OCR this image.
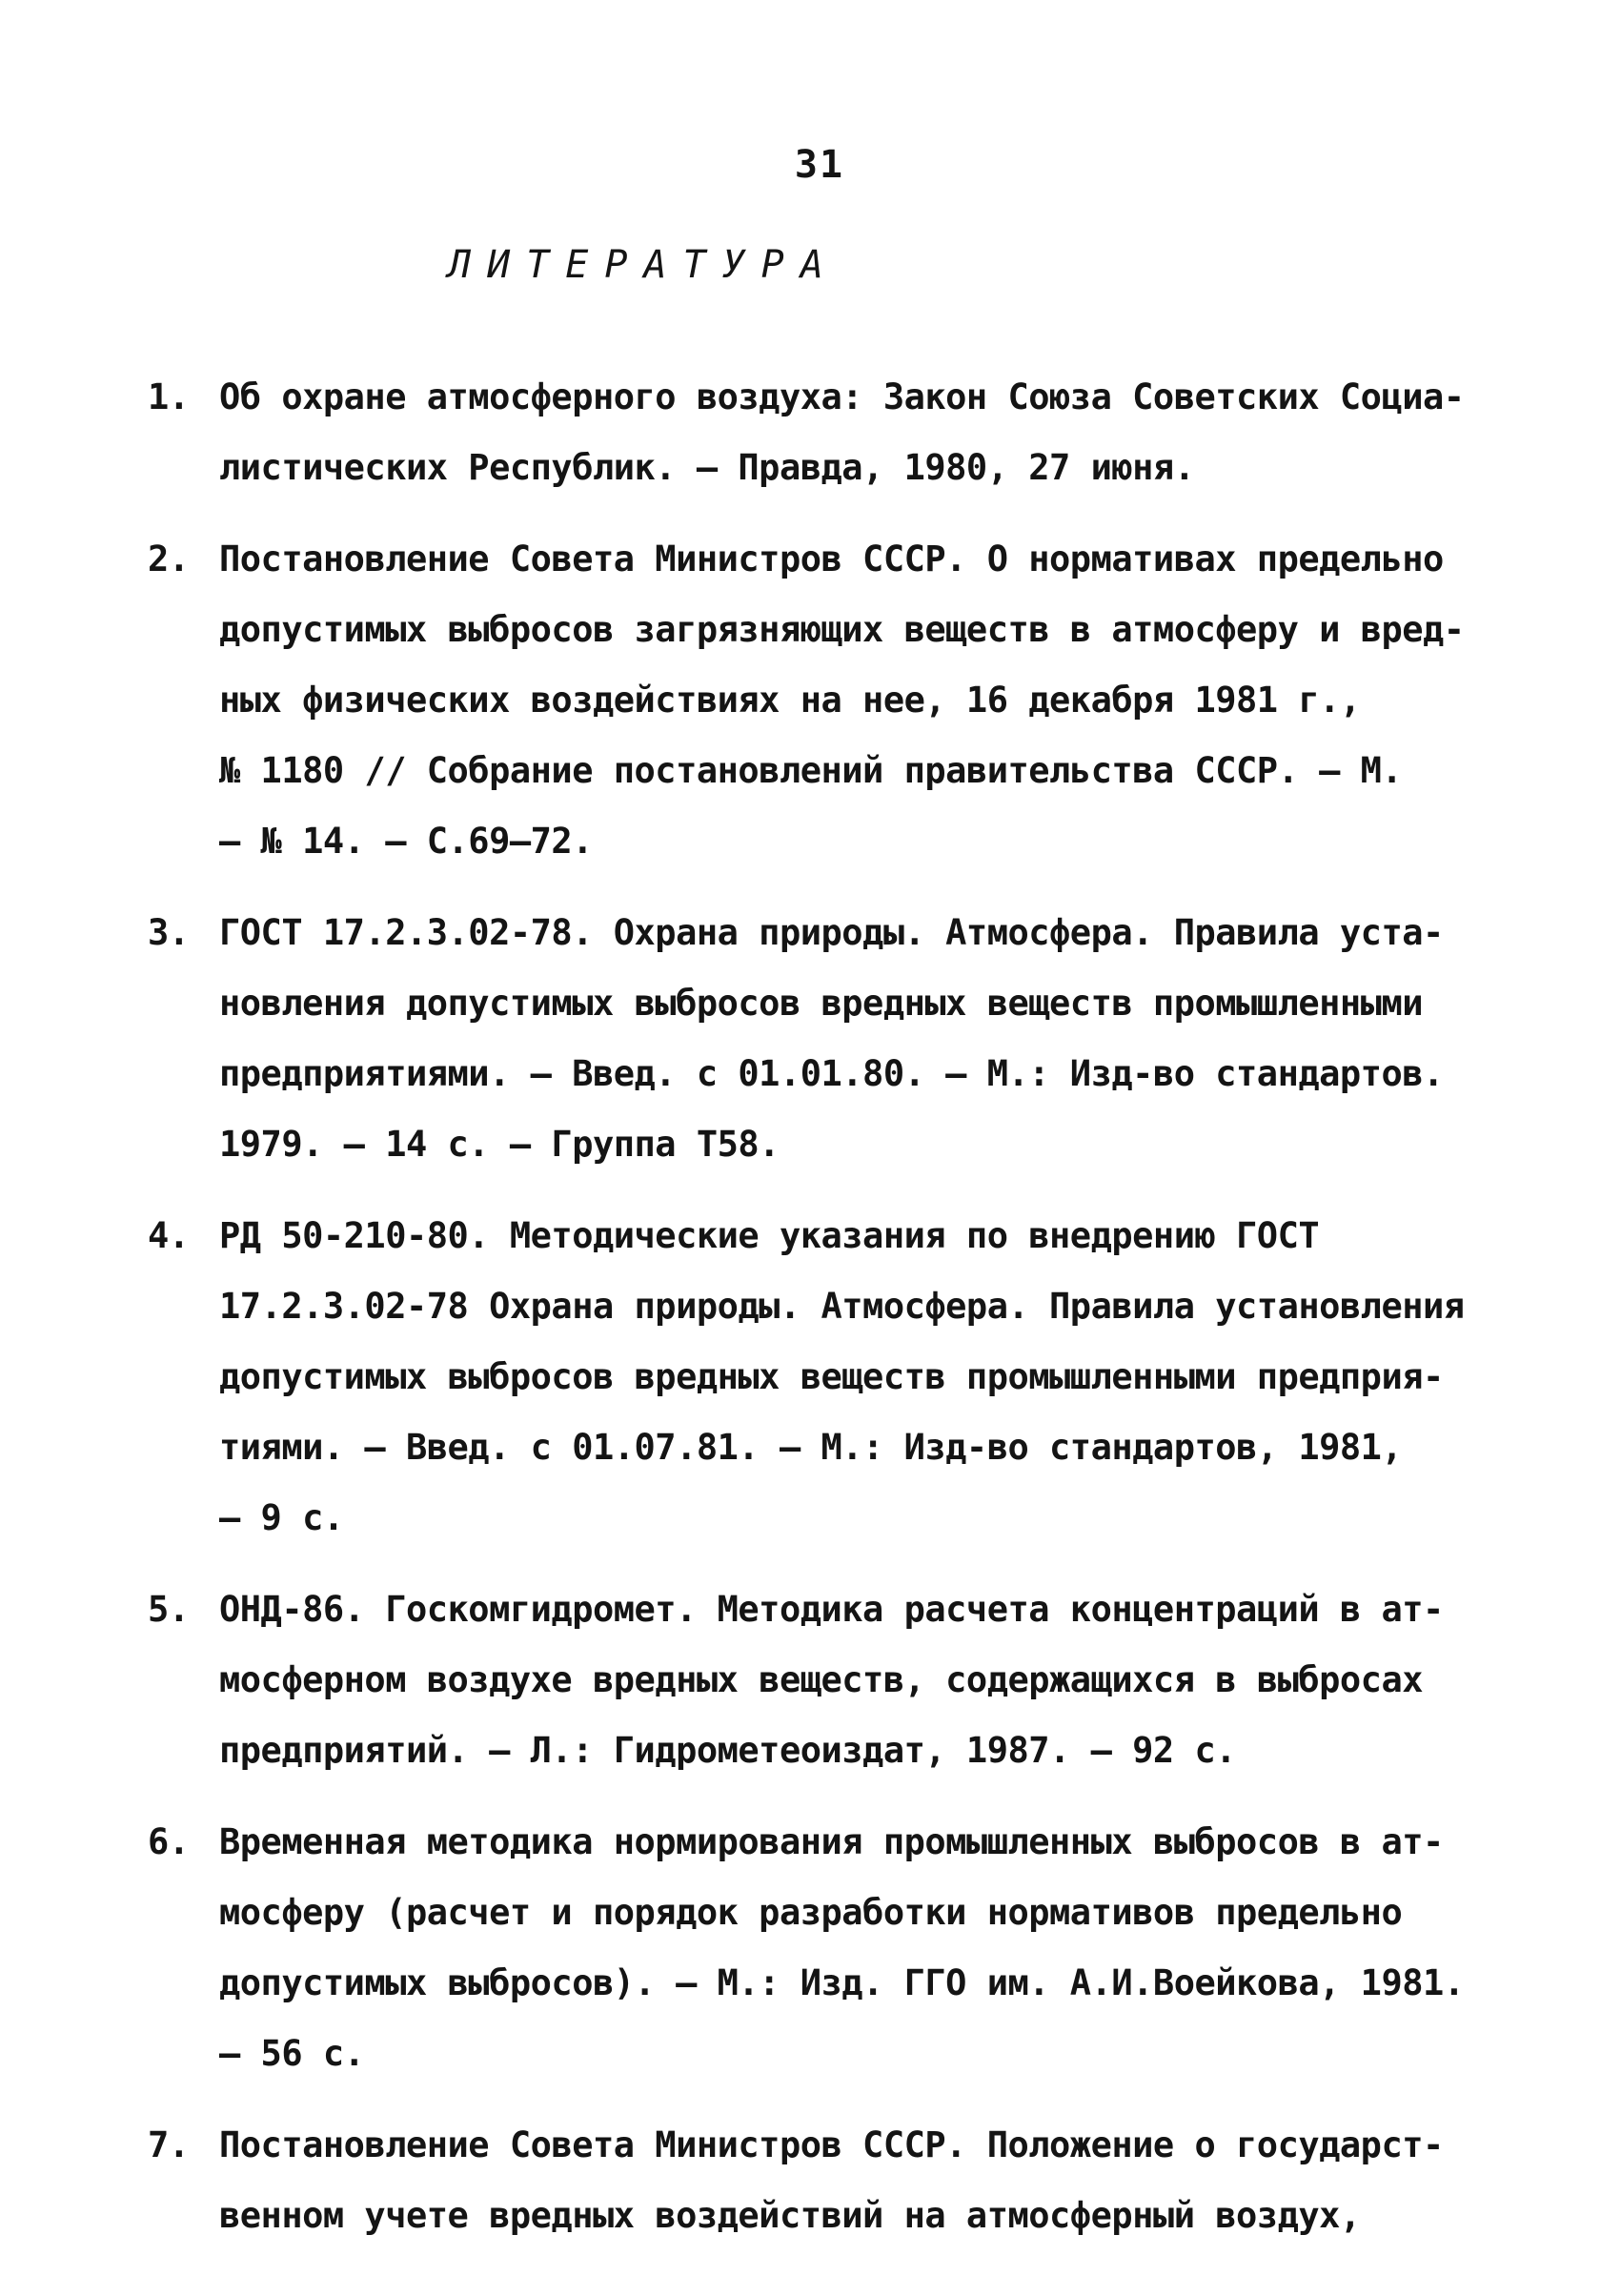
31
ЛИТЕРАТУРА
1. Об охране атмосферного воздуха: Закон Союза Советских Социа-
листических Республик. – Правда, 1980, 27 июня.
2. Постановление Совета Министров СССР. О нормативах предельно
допустимых выбросов загрязняющих веществ в атмосферу и вред-
ных физических воздействиях на нее, 16 декабря 1981 г.,
№ 1180 // Собрание постановлений правительства СССР. – М.
– № 14. – С.69–72.
3. ГОСТ 17.2.3.02-78. Охрана природы. Атмосфера. Правила уста-
новления допустимых выбросов вредных веществ промышленными
предприятиями. – Введ. с 01.01.80. – М.: Изд-во стандартов.
1979. – 14 с. – Группа Т58.
4. РД 50-210-80. Методические указания по внедрению ГОСТ
17.2.3.02-78 Охрана природы. Атмосфера. Правила установления
допустимых выбросов вредных веществ промышленными предприя-
тиями. – Введ. с 01.07.81. – М.: Изд-во стандартов, 1981,
– 9 с.
5. ОНД-86. Госкомгидромет. Методика расчета концентраций в ат-
мосферном воздухе вредных веществ, содержащихся в выбросах
предприятий. – Л.: Гидрометеоиздат, 1987. – 92 с.
6. Временная методика нормирования промышленных выбросов в ат-
мосферу (расчет и порядок разработки нормативов предельно
допустимых выбросов). – М.: Изд. ГГО им. А.И.Воейкова, 1981.
– 56 с.
7. Постановление Совета Министров СССР. Положение о государст-
венном учете вредных воздействий на атмосферный воздух,
